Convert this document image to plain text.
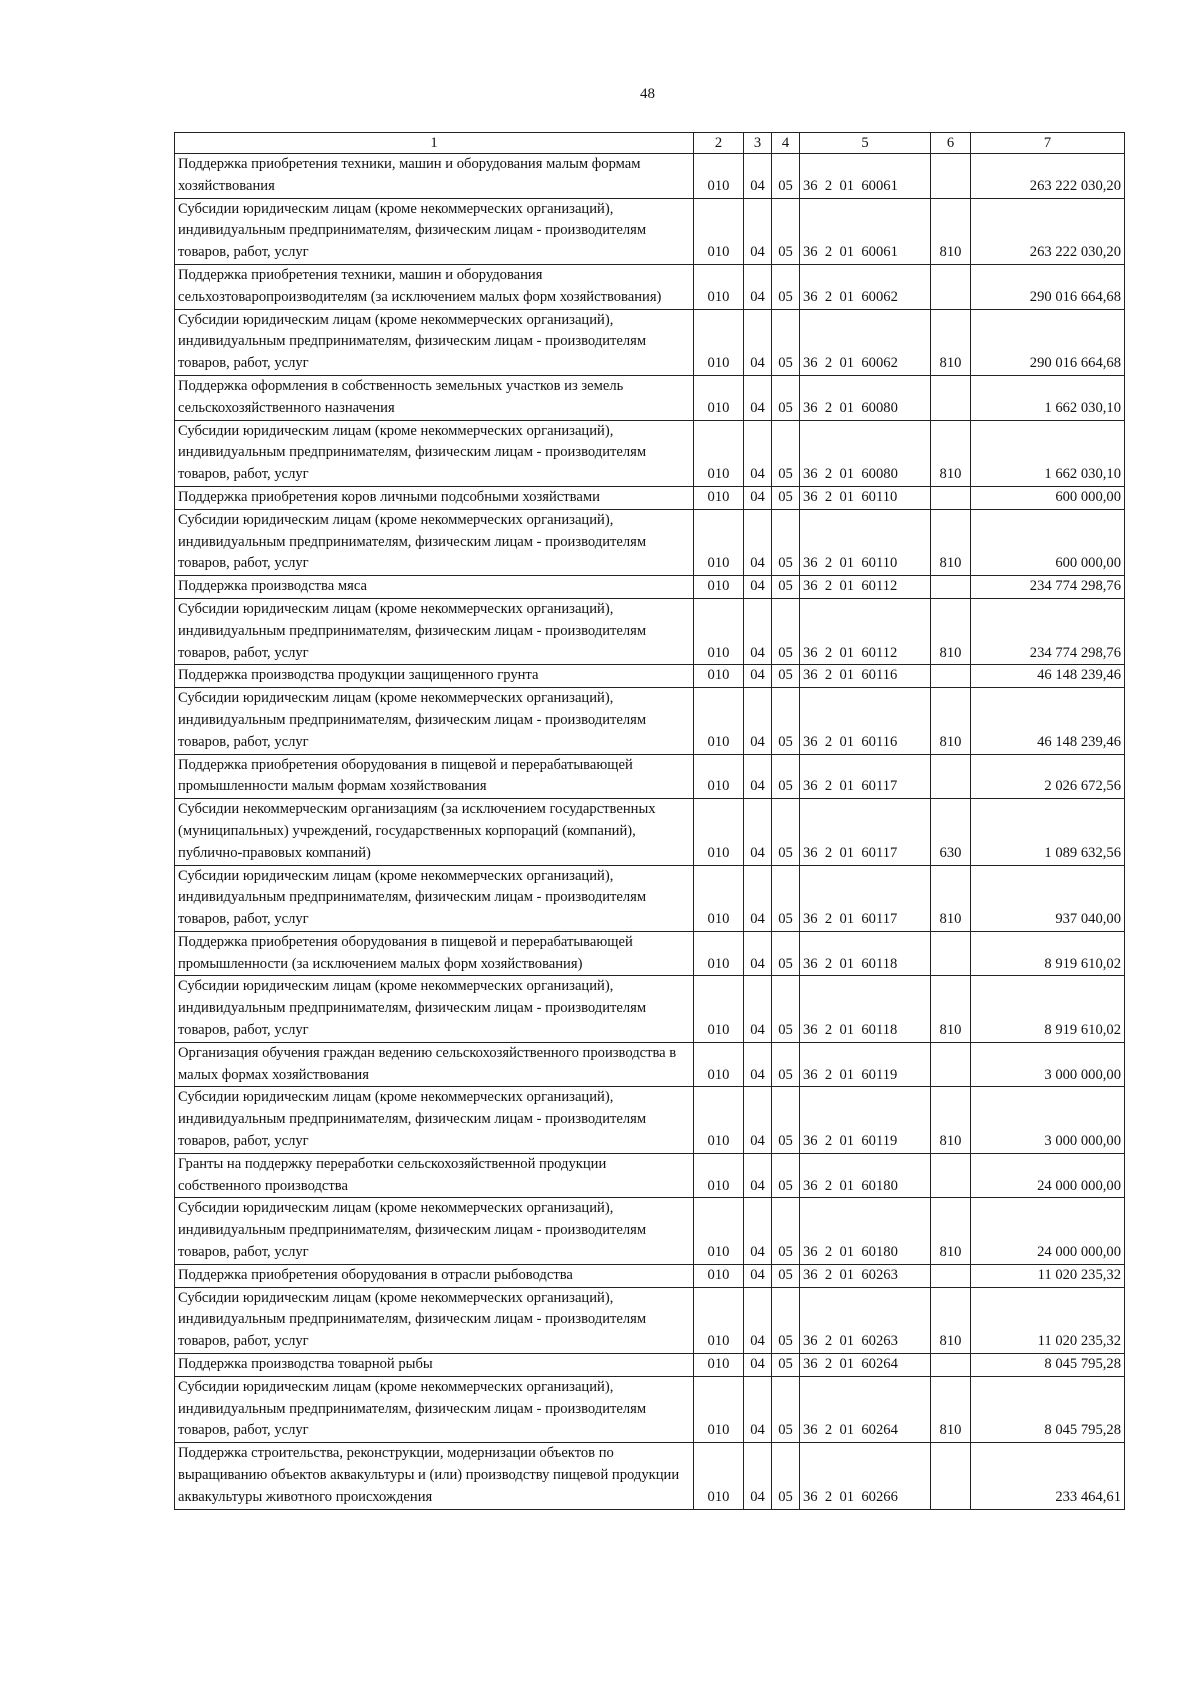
48
1	2	3	4	5	6	7
Поддержка приобретения техники, машин и оборудования малым формам хозяйствования	010	04	05	36  2  01  60061		263 222 030,20
Субсидии юридическим лицам (кроме некоммерческих организаций), индивидуальным предпринимателям, физическим лицам - производителям товаров, работ, услуг	010	04	05	36  2  01  60061	810	263 222 030,20
Поддержка приобретения техники, машин и оборудования сельхозтоваропроизводителям (за исключением малых форм хозяйствования)	010	04	05	36  2  01  60062		290 016 664,68
Субсидии юридическим лицам (кроме некоммерческих организаций), индивидуальным предпринимателям, физическим лицам - производителям товаров, работ, услуг	010	04	05	36  2  01  60062	810	290 016 664,68
Поддержка оформления в собственность земельных участков из земель сельскохозяйственного назначения	010	04	05	36  2  01  60080		1 662 030,10
Субсидии юридическим лицам (кроме некоммерческих организаций), индивидуальным предпринимателям, физическим лицам - производителям товаров, работ, услуг	010	04	05	36  2  01  60080	810	1 662 030,10
Поддержка приобретения коров личными подсобными хозяйствами	010	04	05	36  2  01  60110		600 000,00
Субсидии юридическим лицам (кроме некоммерческих организаций), индивидуальным предпринимателям, физическим лицам - производителям товаров, работ, услуг	010	04	05	36  2  01  60110	810	600 000,00
Поддержка производства мяса	010	04	05	36  2  01  60112		234 774 298,76
Субсидии юридическим лицам (кроме некоммерческих организаций), индивидуальным предпринимателям, физическим лицам - производителям товаров, работ, услуг	010	04	05	36  2  01  60112	810	234 774 298,76
Поддержка производства продукции защищенного грунта	010	04	05	36  2  01  60116		46 148 239,46
Субсидии юридическим лицам (кроме некоммерческих организаций), индивидуальным предпринимателям, физическим лицам - производителям товаров, работ, услуг	010	04	05	36  2  01  60116	810	46 148 239,46
Поддержка приобретения оборудования в пищевой и перерабатывающей промышленности малым формам хозяйствования	010	04	05	36  2  01  60117		2 026 672,56
Субсидии некоммерческим организациям (за исключением государственных (муниципальных) учреждений, государственных корпораций (компаний), публично-правовых компаний)	010	04	05	36  2  01  60117	630	1 089 632,56
Субсидии юридическим лицам (кроме некоммерческих организаций), индивидуальным предпринимателям, физическим лицам - производителям товаров, работ, услуг	010	04	05	36  2  01  60117	810	937 040,00
Поддержка приобретения оборудования в пищевой и перерабатывающей промышленности (за исключением малых форм хозяйствования)	010	04	05	36  2  01  60118		8 919 610,02
Субсидии юридическим лицам (кроме некоммерческих организаций), индивидуальным предпринимателям, физическим лицам - производителям товаров, работ, услуг	010	04	05	36  2  01  60118	810	8 919 610,02
Организация обучения граждан ведению сельскохозяйственного производства в малых формах хозяйствования	010	04	05	36  2  01  60119		3 000 000,00
Субсидии юридическим лицам (кроме некоммерческих организаций), индивидуальным предпринимателям, физическим лицам - производителям товаров, работ, услуг	010	04	05	36  2  01  60119	810	3 000 000,00
Гранты на поддержку переработки сельскохозяйственной продукции собственного производства	010	04	05	36  2  01  60180		24 000 000,00
Субсидии юридическим лицам (кроме некоммерческих организаций), индивидуальным предпринимателям, физическим лицам - производителям товаров, работ, услуг	010	04	05	36  2  01  60180	810	24 000 000,00
Поддержка приобретения оборудования в отрасли рыбоводства	010	04	05	36  2  01  60263		11 020 235,32
Субсидии юридическим лицам (кроме некоммерческих организаций), индивидуальным предпринимателям, физическим лицам - производителям товаров, работ, услуг	010	04	05	36  2  01  60263	810	11 020 235,32
Поддержка производства товарной рыбы	010	04	05	36  2  01  60264		8 045 795,28
Субсидии юридическим лицам (кроме некоммерческих организаций), индивидуальным предпринимателям, физическим лицам - производителям товаров, работ, услуг	010	04	05	36  2  01  60264	810	8 045 795,28
Поддержка строительства, реконструкции, модернизации объектов по выращиванию объектов аквакультуры и (или) производству пищевой продукции аквакультуры животного происхождения	010	04	05	36  2  01  60266		233 464,61
